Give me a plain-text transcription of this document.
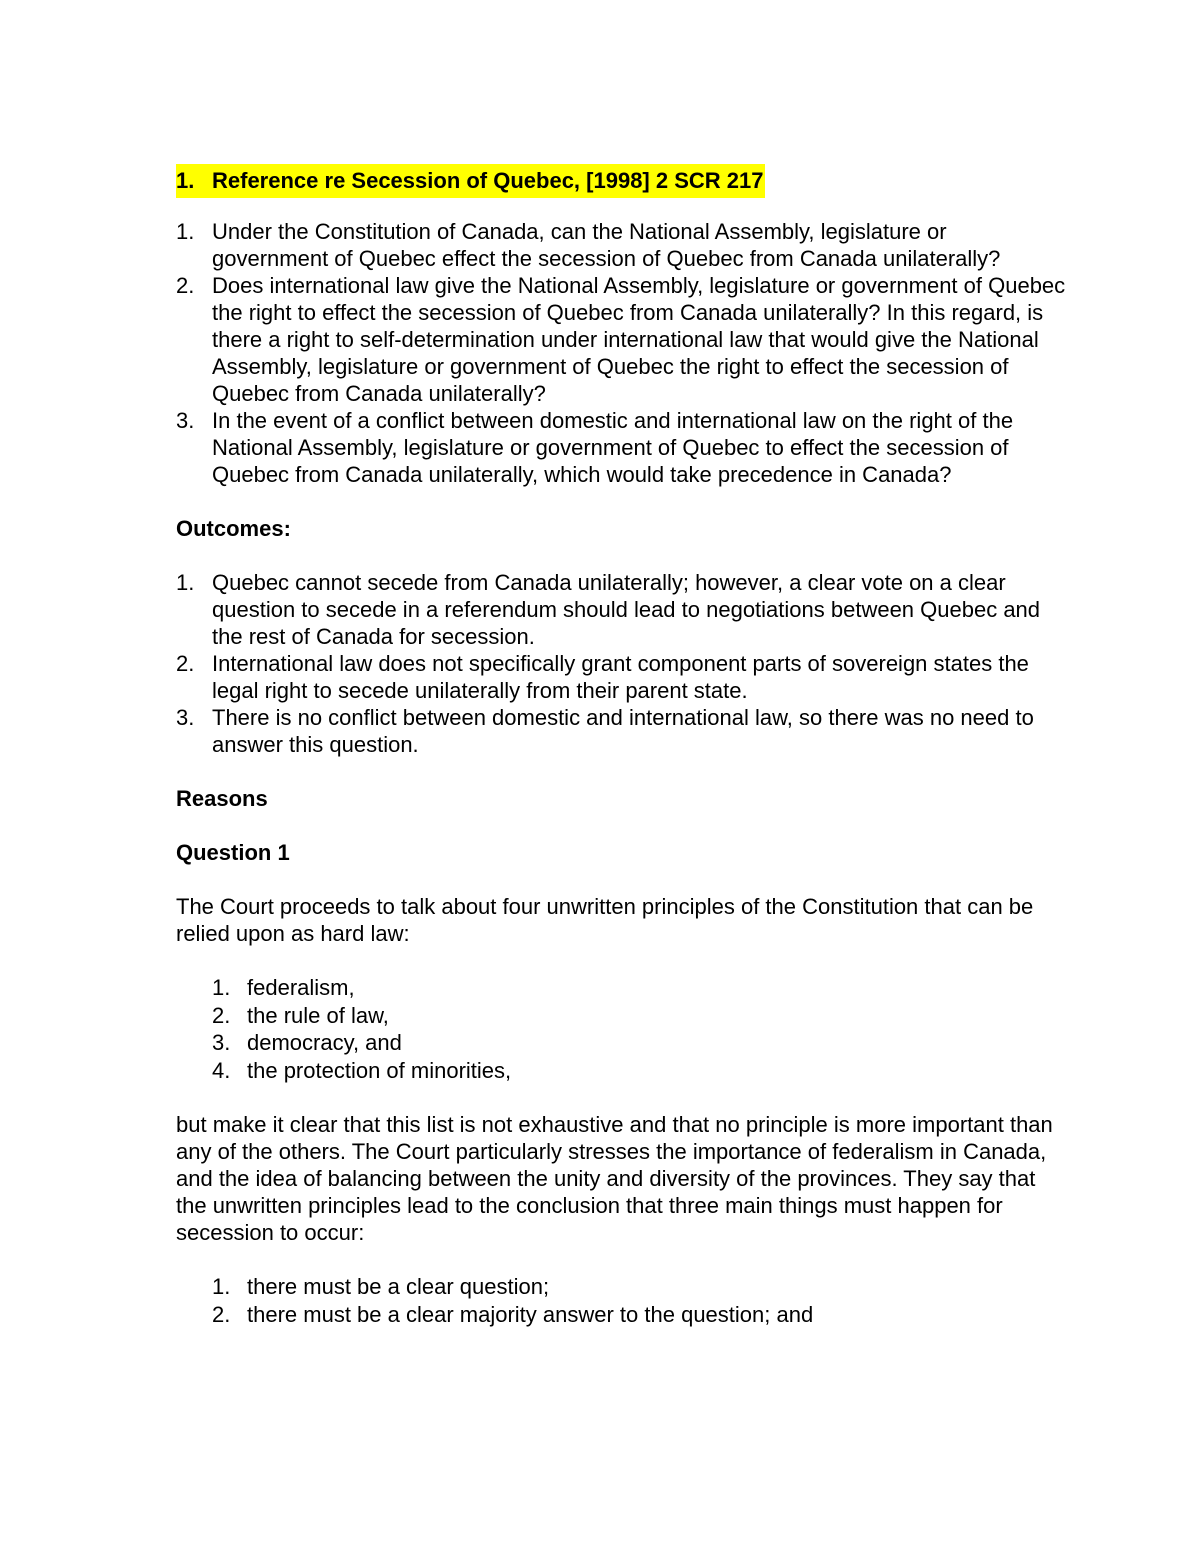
1. Reference re Secession of Quebec, [1998] 2 SCR 217
1. Under the Constitution of Canada, can the National Assembly, legislature or government of Quebec effect the secession of Quebec from Canada unilaterally?
2. Does international law give the National Assembly, legislature or government of Quebec the right to effect the secession of Quebec from Canada unilaterally? In this regard, is there a right to self-determination under international law that would give the National Assembly, legislature or government of Quebec the right to effect the secession of Quebec from Canada unilaterally?
3. In the event of a conflict between domestic and international law on the right of the National Assembly, legislature or government of Quebec to effect the secession of Quebec from Canada unilaterally, which would take precedence in Canada?
Outcomes:
1. Quebec cannot secede from Canada unilaterally; however, a clear vote on a clear question to secede in a referendum should lead to negotiations between Quebec and the rest of Canada for secession.
2. International law does not specifically grant component parts of sovereign states the legal right to secede unilaterally from their parent state.
3. There is no conflict between domestic and international law, so there was no need to answer this question.
Reasons
Question 1

The Court proceeds to talk about four unwritten principles of the Constitution that can be relied upon as hard law:

1. federalism,
2. the rule of law,
3. democracy, and
4. the protection of minorities,

but make it clear that this list is not exhaustive and that no principle is more important than any of the others. The Court particularly stresses the importance of federalism in Canada, and the idea of balancing between the unity and diversity of the provinces. They say that the unwritten principles lead to the conclusion that three main things must happen for secession to occur:

1. there must be a clear question;
2. there must be a clear majority answer to the question; and
